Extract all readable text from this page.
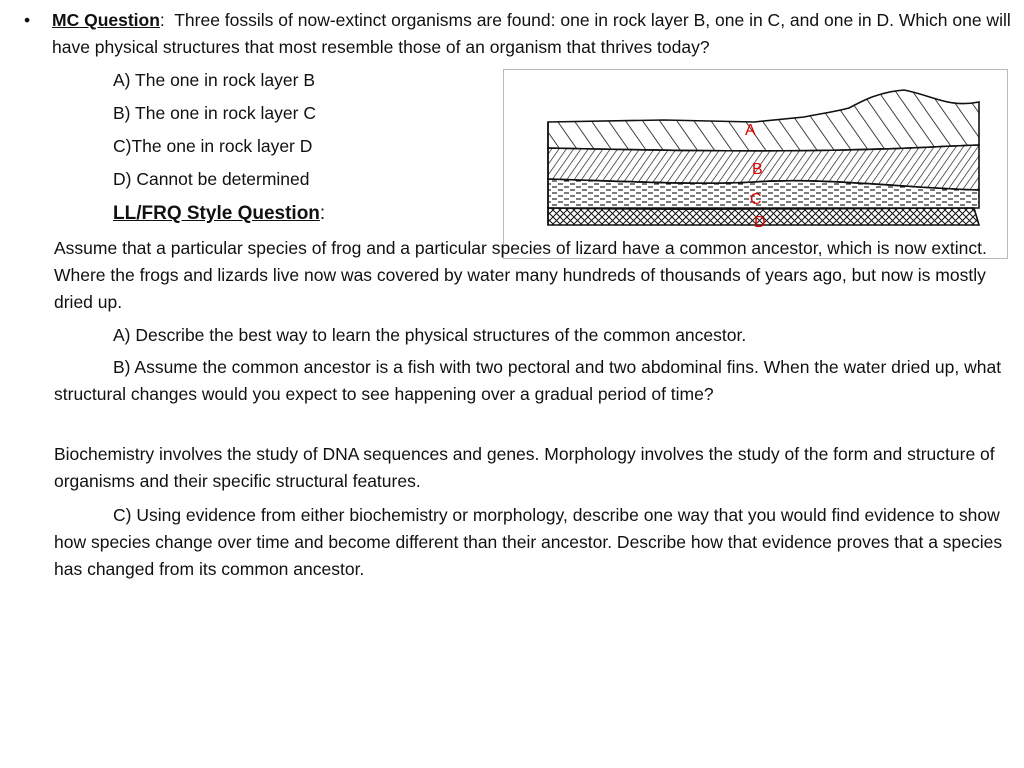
• MC Question: Three fossils of now-extinct organisms are found: one in rock layer B, one in C, and one in D. Which one will have physical structures that most resemble those of an organism that thrives today?
A) The one in rock layer B
B) The one in rock layer C
C)The one in rock layer D
D) Cannot be determined
A
B
C
D
LL/FRQ Style Question:
Assume that a particular species of frog and a particular species of lizard have a common ancestor, which is now extinct. Where the frogs and lizards live now was covered by water many hundreds of thousands of years ago, but now is mostly dried up.
A) Describe the best way to learn the physical structures of the common ancestor.
B) Assume the common ancestor is a fish with two pectoral and two abdominal fins. When the water dried up, what structural changes would you expect to see happening over a gradual period of time?
Biochemistry involves the study of DNA sequences and genes. Morphology involves the study of the form and structure of organisms and their specific structural features.
C) Using evidence from either biochemistry or morphology, describe one way that you would find evidence to show how species change over time and become different than their ancestor. Describe how that evidence proves that a species has changed from its common ancestor.
